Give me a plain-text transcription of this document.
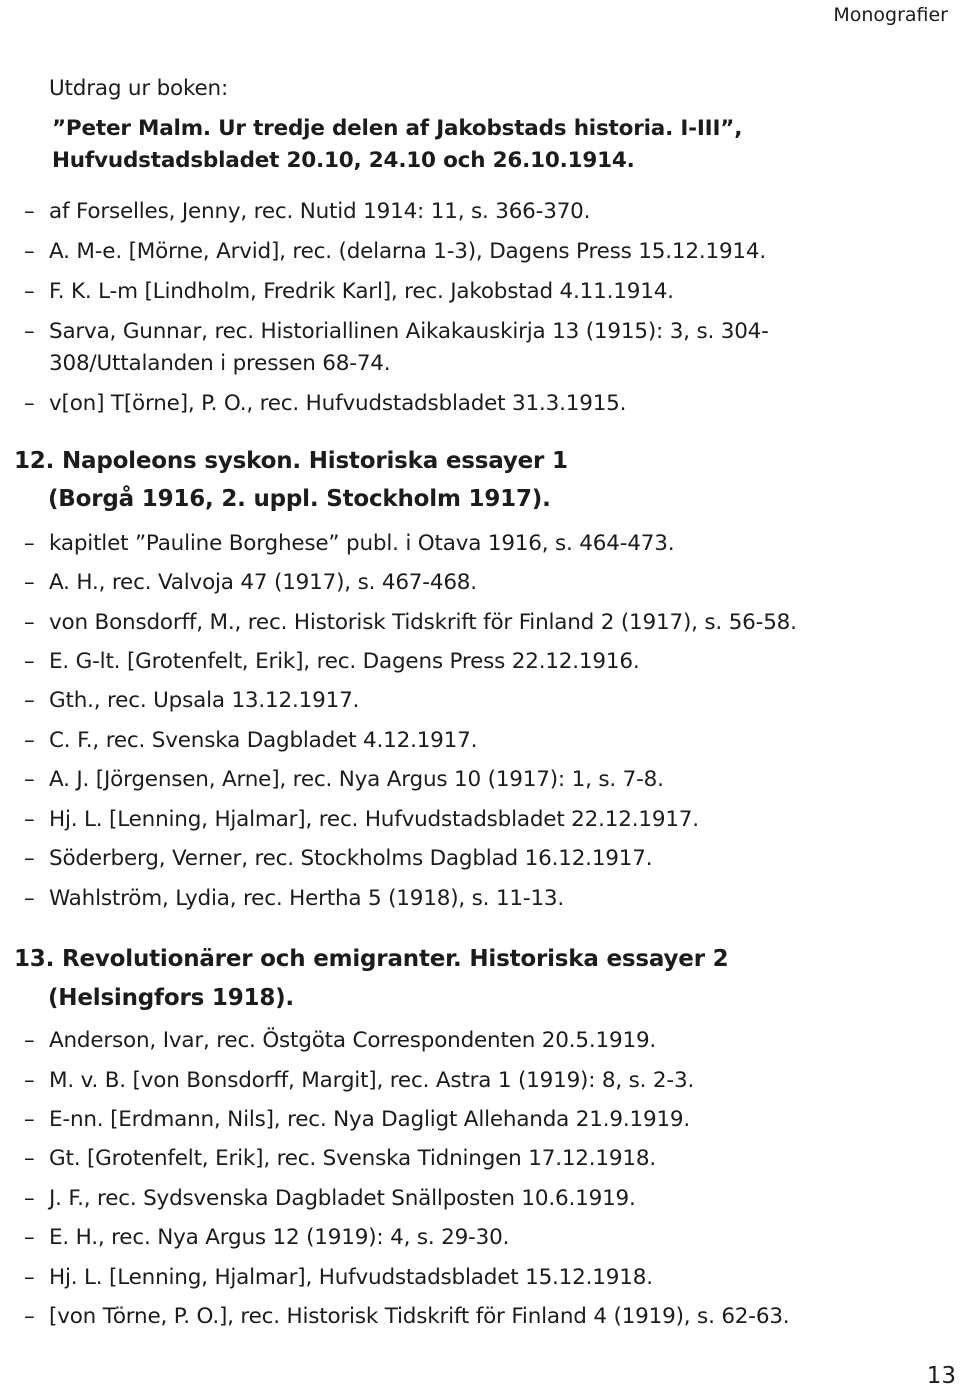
Monografier
Utdrag ur boken:
”Peter Malm. Ur tredje delen af Jakobstads historia. I-III”,
Hufvudstadsbladet 20.10, 24.10 och 26.10.1914.
– af Forselles, Jenny, rec. Nutid 1914: 11, s. 366-370.
– A. M-e. [Mörne, Arvid], rec. (delarna 1-3), Dagens Press 15.12.1914.
– F. K. L-m [Lindholm, Fredrik Karl], rec. Jakobstad 4.11.1914.
– Sarva, Gunnar, rec. Historiallinen Aikakauskirja 13 (1915): 3, s. 304-
308/Uttalanden i pressen 68-74.
– v[on] T[örne], P. O., rec. Hufvudstadsbladet 31.3.1915.
12. Napoleons syskon. Historiska essayer 1
(Borgå 1916, 2. uppl. Stockholm 1917).
– kapitlet ”Pauline Borghese” publ. i Otava 1916, s. 464-473.
– A. H., rec. Valvoja 47 (1917), s. 467-468.
– von Bonsdorff, M., rec. Historisk Tidskrift för Finland 2 (1917), s. 56-58.
– E. G-lt. [Grotenfelt, Erik], rec. Dagens Press 22.12.1916.
– Gth., rec. Upsala 13.12.1917.
– C. F., rec. Svenska Dagbladet 4.12.1917.
– A. J. [Jörgensen, Arne], rec. Nya Argus 10 (1917): 1, s. 7-8.
– Hj. L. [Lenning, Hjalmar], rec. Hufvudstadsbladet 22.12.1917.
– Söderberg, Verner, rec. Stockholms Dagblad 16.12.1917.
– Wahlström, Lydia, rec. Hertha 5 (1918), s. 11-13.
13. Revolutionärer och emigranter. Historiska essayer 2
(Helsingfors 1918).
– Anderson, Ivar, rec. Östgöta Correspondenten 20.5.1919.
– M. v. B. [von Bonsdorff, Margit], rec. Astra 1 (1919): 8, s. 2-3.
– E-nn. [Erdmann, Nils], rec. Nya Dagligt Allehanda 21.9.1919.
– Gt. [Grotenfelt, Erik], rec. Svenska Tidningen 17.12.1918.
– J. F., rec. Sydsvenska Dagbladet Snällposten 10.6.1919.
– E. H., rec. Nya Argus 12 (1919): 4, s. 29-30.
– Hj. L. [Lenning, Hjalmar], Hufvudstadsbladet 15.12.1918.
– [von Törne, P. O.], rec. Historisk Tidskrift för Finland 4 (1919), s. 62-63.
13
